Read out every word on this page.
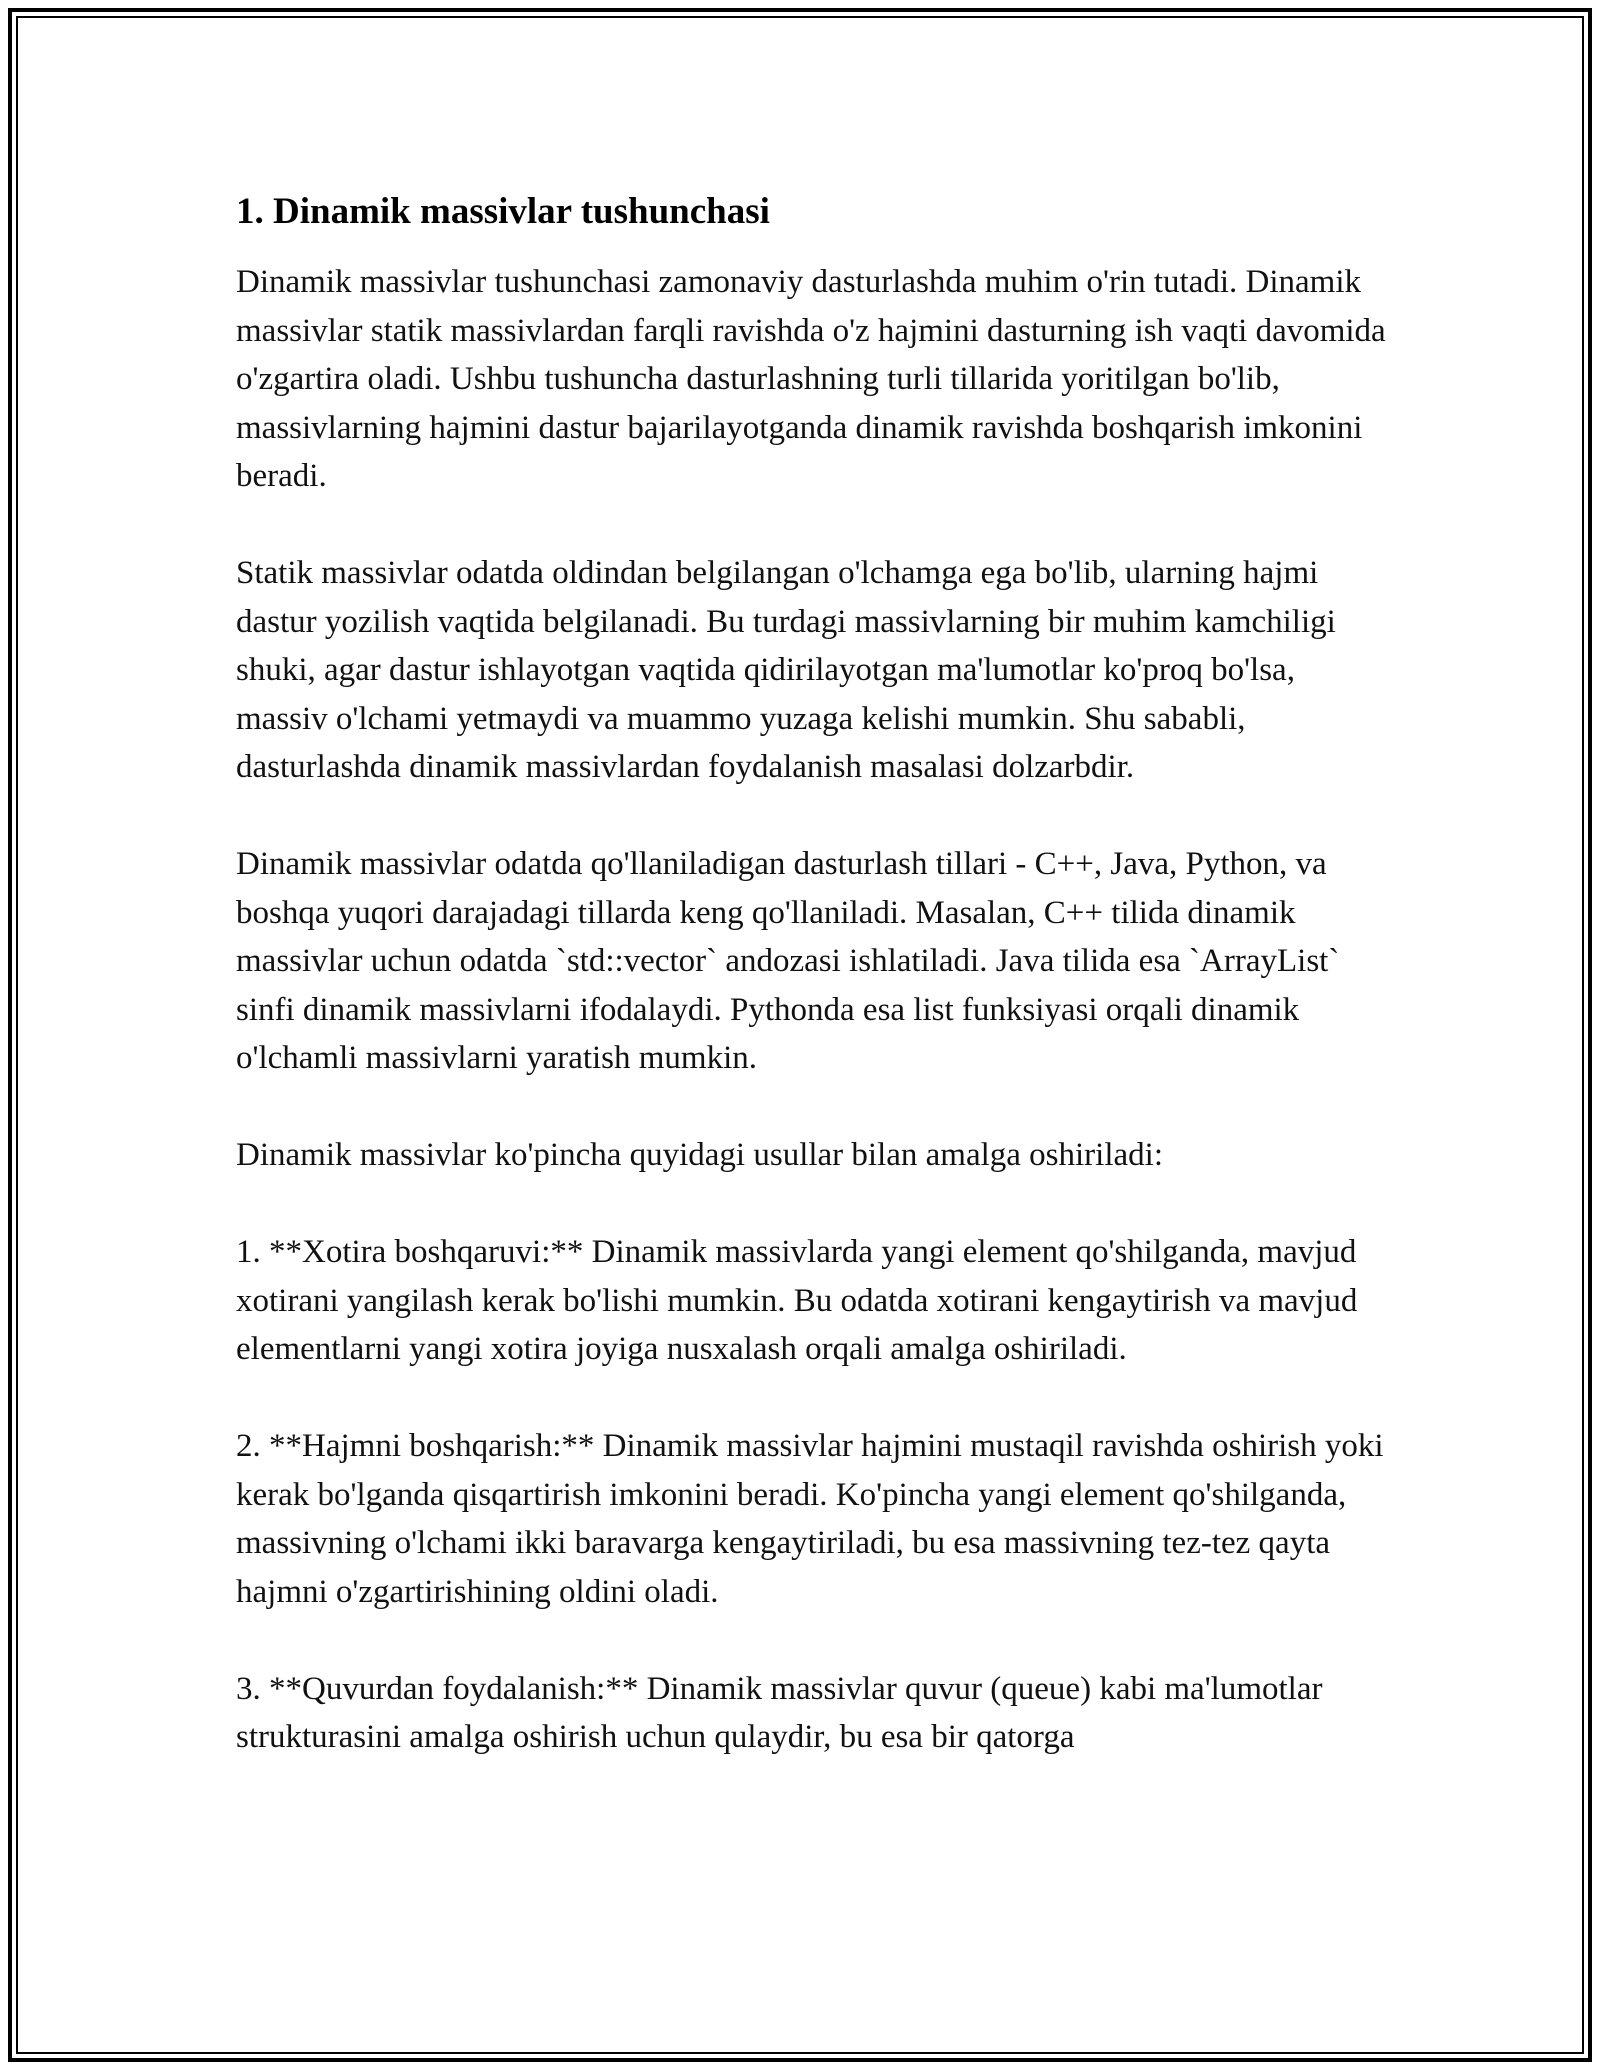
1. Dinamik massivlar tushunchasi

Dinamik massivlar tushunchasi zamonaviy dasturlashda muhim o'rin tutadi. Dinamik massivlar statik massivlardan farqli ravishda o'z hajmini dasturning ish vaqti davomida o'zgartira oladi. Ushbu tushuncha dasturlashning turli tillarida yoritilgan bo'lib, massivlarning hajmini dastur bajarilayotganda dinamik ravishda boshqarish imkonini beradi.

Statik massivlar odatda oldindan belgilangan o'lchamga ega bo'lib, ularning hajmi dastur yozilish vaqtida belgilanadi. Bu turdagi massivlarning bir muhim kamchiligi shuki, agar dastur ishlayotgan vaqtida qidirilayotgan ma'lumotlar ko'proq bo'lsa, massiv o'lchami yetmaydi va muammo yuzaga kelishi mumkin. Shu sababli, dasturlashda dinamik massivlardan foydalanish masalasi dolzarbdir.

Dinamik massivlar odatda qo'llaniladigan dasturlash tillari - C++, Java, Python, va boshqa yuqori darajadagi tillarda keng qo'llaniladi. Masalan, C++ tilida dinamik massivlar uchun odatda `std::vector` andozasi ishlatiladi. Java tilida esa `ArrayList` sinfi dinamik massivlarni ifodalaydi. Pythonda esa list funksiyasi orqali dinamik o'lchamli massivlarni yaratish mumkin.

Dinamik massivlar ko'pincha quyidagi usullar bilan amalga oshiriladi:

1. **Xotira boshqaruvi:** Dinamik massivlarda yangi element qo'shilganda, mavjud xotirani yangilash kerak bo'lishi mumkin. Bu odatda xotirani kengaytirish va mavjud elementlarni yangi xotira joyiga nusxalash orqali amalga oshiriladi.

2. **Hajmni boshqarish:** Dinamik massivlar hajmini mustaqil ravishda oshirish yoki kerak bo'lganda qisqartirish imkonini beradi. Ko'pincha yangi element qo'shilganda, massivning o'lchami ikki baravarga kengaytiriladi, bu esa massivning tez-tez qayta hajmni o'zgartirishining oldini oladi.

3. **Quvurdan foydalanish:** Dinamik massivlar quvur (queue) kabi ma'lumotlar strukturasini amalga oshirish uchun qulaydir, bu esa bir qatorga
